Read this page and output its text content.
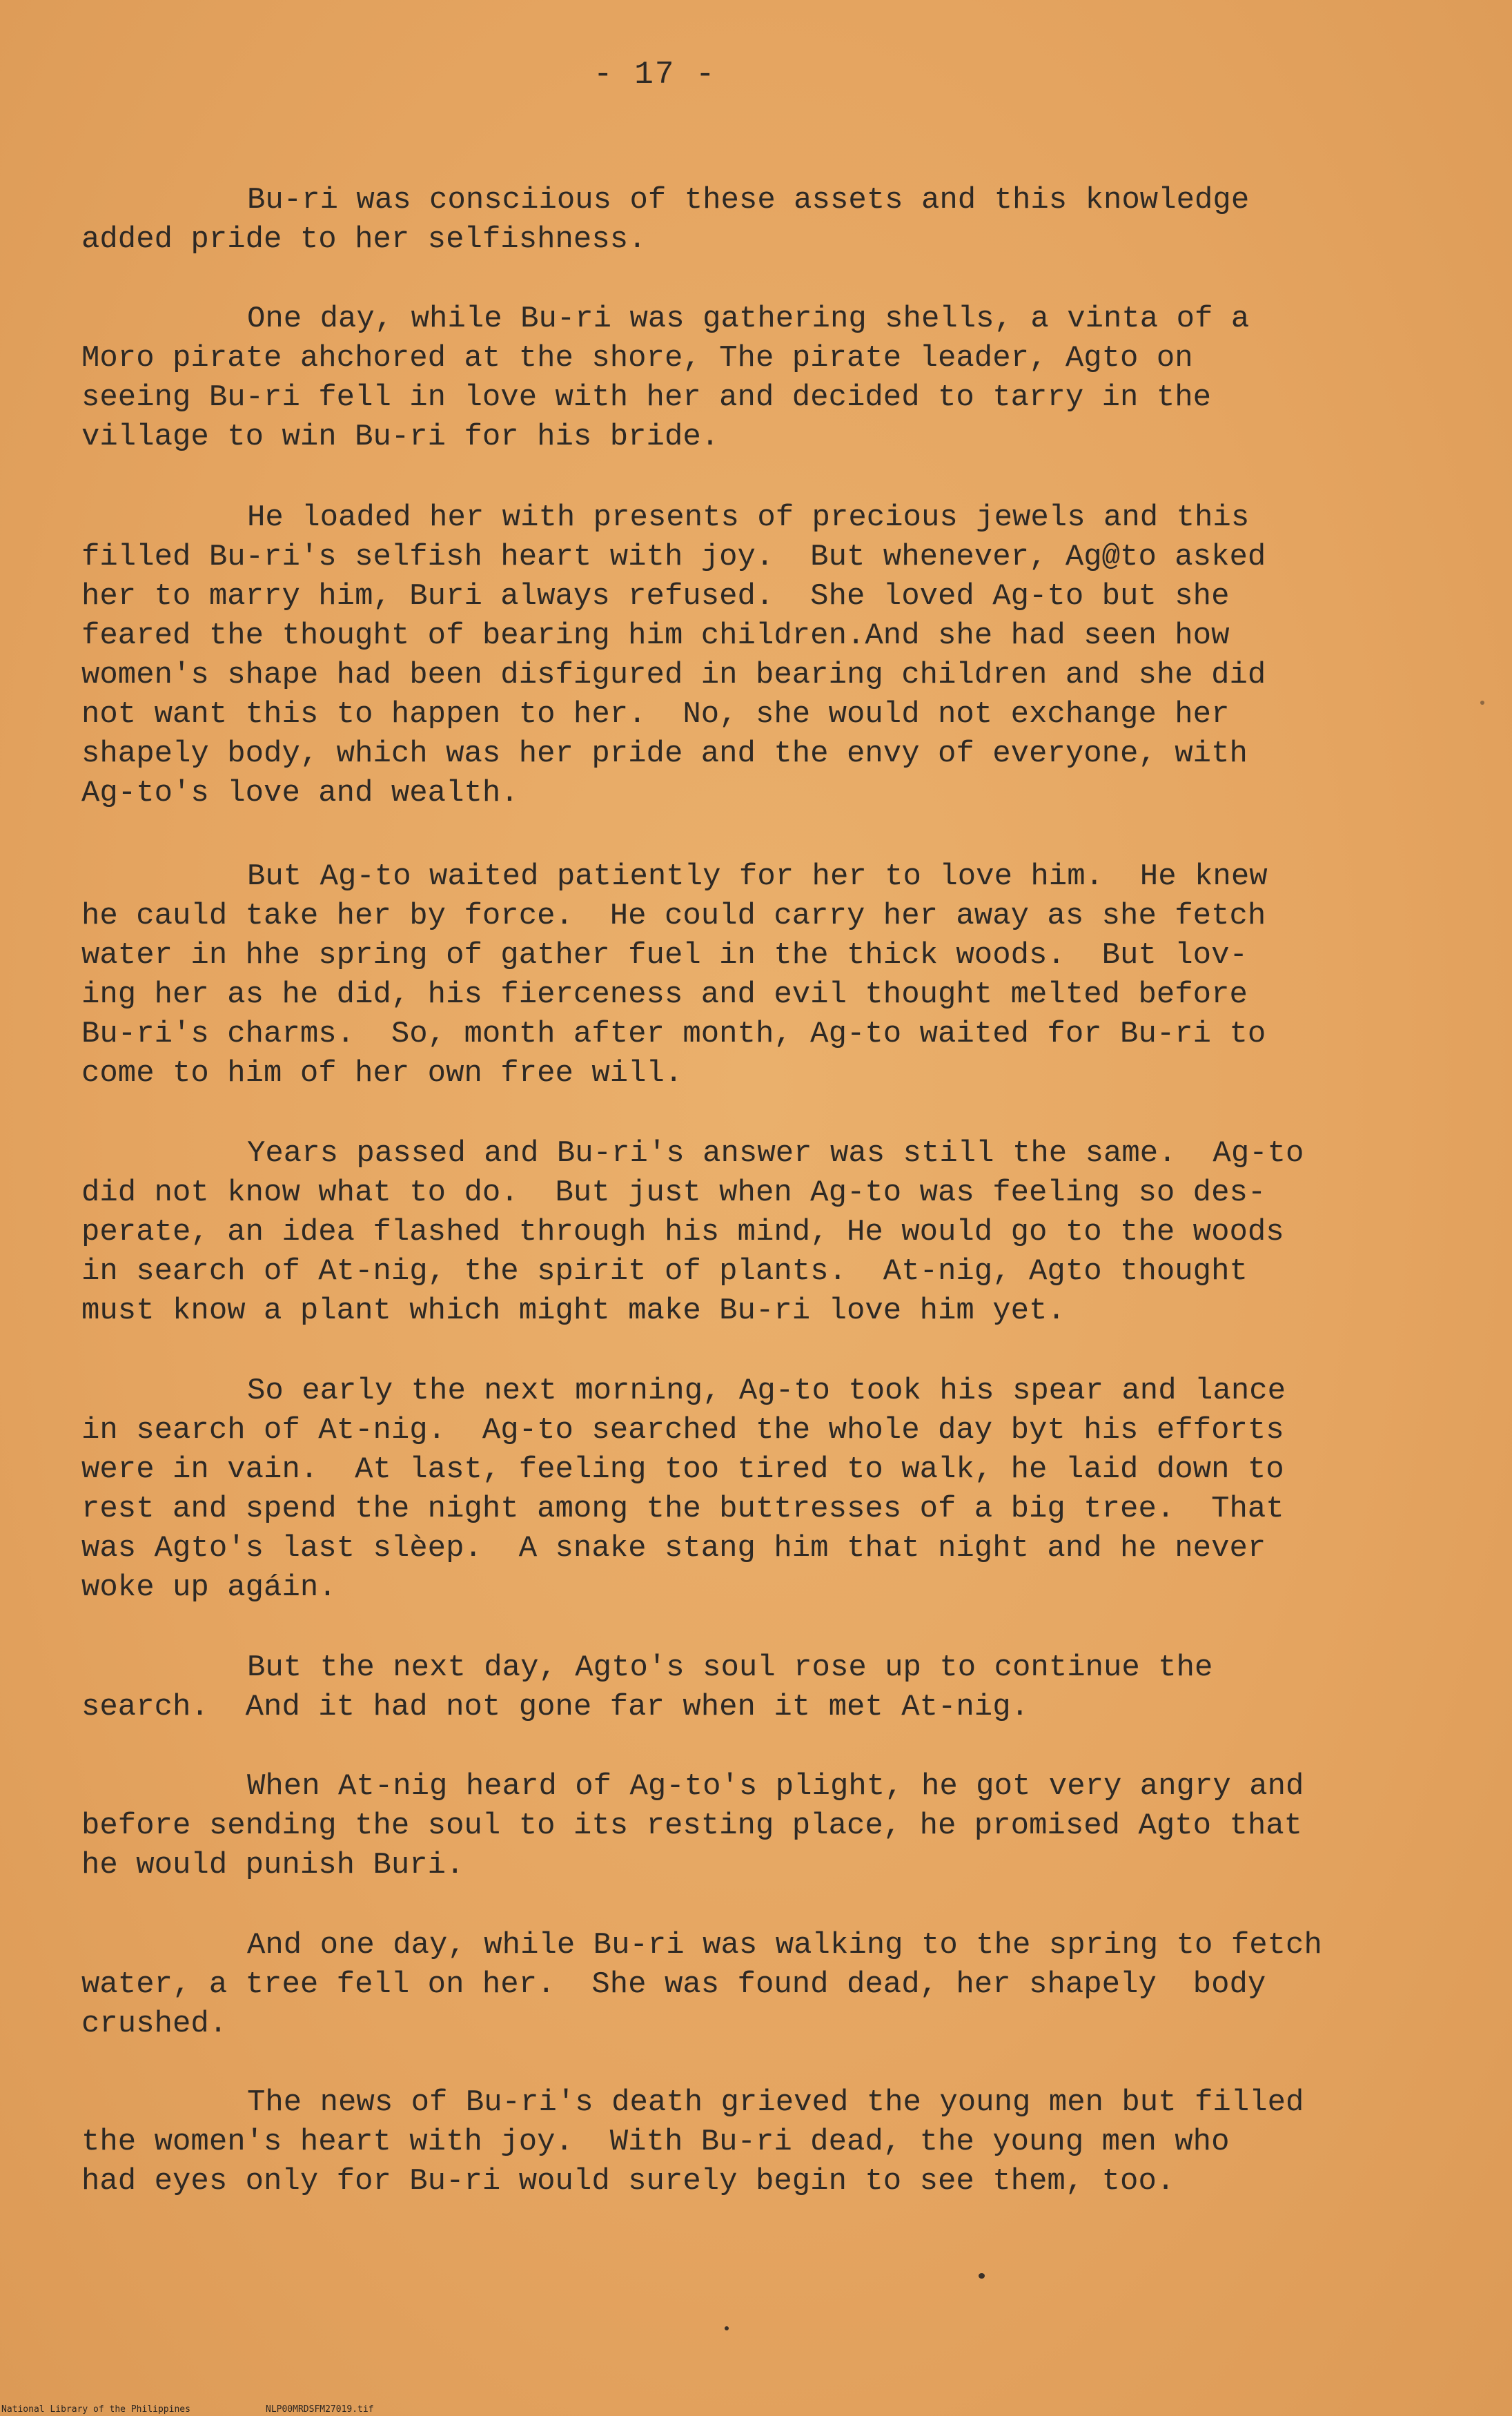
- 17 -
Bu-ri was consciious of these assets and this knowledge
added pride to her selfishness.
One day, while Bu-ri was gathering shells, a vinta of a
Moro pirate ahchored at the shore, The pirate leader, Agto on
seeing Bu-ri fell in love with her and decided to tarry in the
village to win Bu-ri for his bride.
He loaded her with presents of precious jewels and this
filled Bu-ri's selfish heart with joy.  But whenever, Ag@to asked
her to marry him, Buri always refused.  She loved Ag-to but she
feared the thought of bearing him children.And she had seen how
women's shape had been disfigured in bearing children and she did
not want this to happen to her.  No, she would not exchange her
shapely body, which was her pride and the envy of everyone, with
Ag-to's love and wealth.
But Ag-to waited patiently for her to love him.  He knew
he cauld take her by force.  He could carry her away as she fetch
water in hhe spring of gather fuel in the thick woods.  But lov-
ing her as he did, his fierceness and evil thought melted before
Bu-ri's charms.  So, month after month, Ag-to waited for Bu-ri to
come to him of her own free will.
Years passed and Bu-ri's answer was still the same.  Ag-to
did not know what to do.  But just when Ag-to was feeling so des-
perate, an idea flashed through his mind, He would go to the woods
in search of At-nig, the spirit of plants.  At-nig, Agto thought
must know a plant which might make Bu-ri love him yet.
So early the next morning, Ag-to took his spear and lance
in search of At-nig.  Ag-to searched the whole day byt his efforts
were in vain.  At last, feeling too tired to walk, he laid down to
rest and spend the night among the buttresses of a big tree.  That
was Agto's last slèep.  A snake stang him that night and he never
woke up agáin.
But the next day, Agto's soul rose up to continue the
search.  And it had not gone far when it met At-nig.
When At-nig heard of Ag-to's plight, he got very angry and
before sending the soul to its resting place, he promised Agto that
he would punish Buri.
And one day, while Bu-ri was walking to the spring to fetch
water, a tree fell on her.  She was found dead, her shapely  body
crushed.
The news of Bu-ri's death grieved the young men but filled
the women's heart with joy.  With Bu-ri dead, the young men who
had eyes only for Bu-ri would surely begin to see them, too.
National Library of the Philippines	NLP00MRDSFM27019.tif
